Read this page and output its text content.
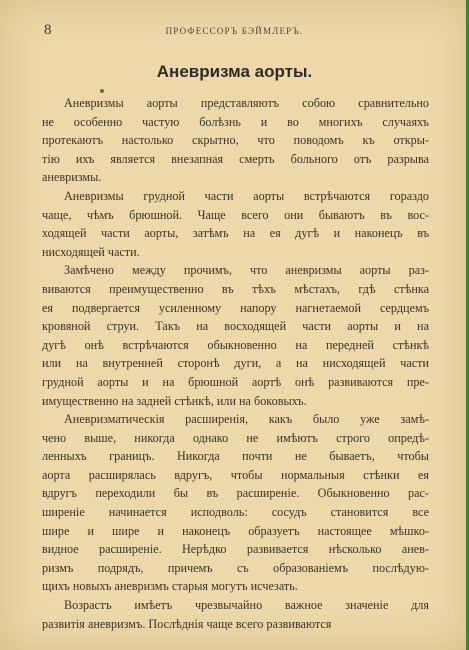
8	ПРОФЕССОРЪ БЭЙМЛЕРЪ.
Аневризма аорты.

Аневризмы аорты представляютъ собою сравнительно
не особенно частую болѣзнь и во многихъ случаяхъ
протекаютъ настолько скрытно, что поводомъ къ откры-
тію ихъ является внезапная смерть больного отъ разрыва
аневризмы.

Аневризмы грудной части аорты встрѣчаются гораздо
чаще, чѣмъ брюшной. Чаще всего они бываютъ въ вос-
ходящей части аорты, затѣмъ на ея дугѣ и наконецъ въ
нисходящей части.

Замѣчено между прочимъ, что аневризмы аорты раз-
виваются преимущественно въ тѣхъ мѣстахъ, гдѣ стѣнка
ея подвергается усиленному напору нагнетаемой сердцемъ
кровяной струи. Такъ на восходящей части аорты и на
дугѣ онѣ встрѣчаются обыкновенно на передней стѣнкѣ
или на внутренней сторонѣ дуги, а на нисходящей части
грудной аорты и на брюшной аортѣ онѣ развиваются пре-
имущественно на задней стѣнкѣ, или на боковыхъ.

Аневризматическія расширенія, какъ было уже замѣ-
чено выше, никогда однако не имѣютъ строго опредѣ-
ленныхъ границъ. Никогда почти не бываетъ, чтобы
аорта расширялась вдругъ, чтобы нормальныя стѣнки ея
вдругъ переходили бы въ расширеніе. Обыкновенно рас-
ширеніе начинается исподволь: сосудъ становится все
шире и шире и наконецъ образуетъ настоящее мѣшко-
видное расширеніе. Нерѣдко развивается нѣсколько анев-
ризмъ подрядъ, причемъ съ образованіемъ послѣдую-
щихъ новыхъ аневризмъ старыя могутъ исчезать.

Возрастъ имѣетъ чрезвычайно важное значеніе для
развитія аневризмъ. Послѣднія чаще всего развиваются
